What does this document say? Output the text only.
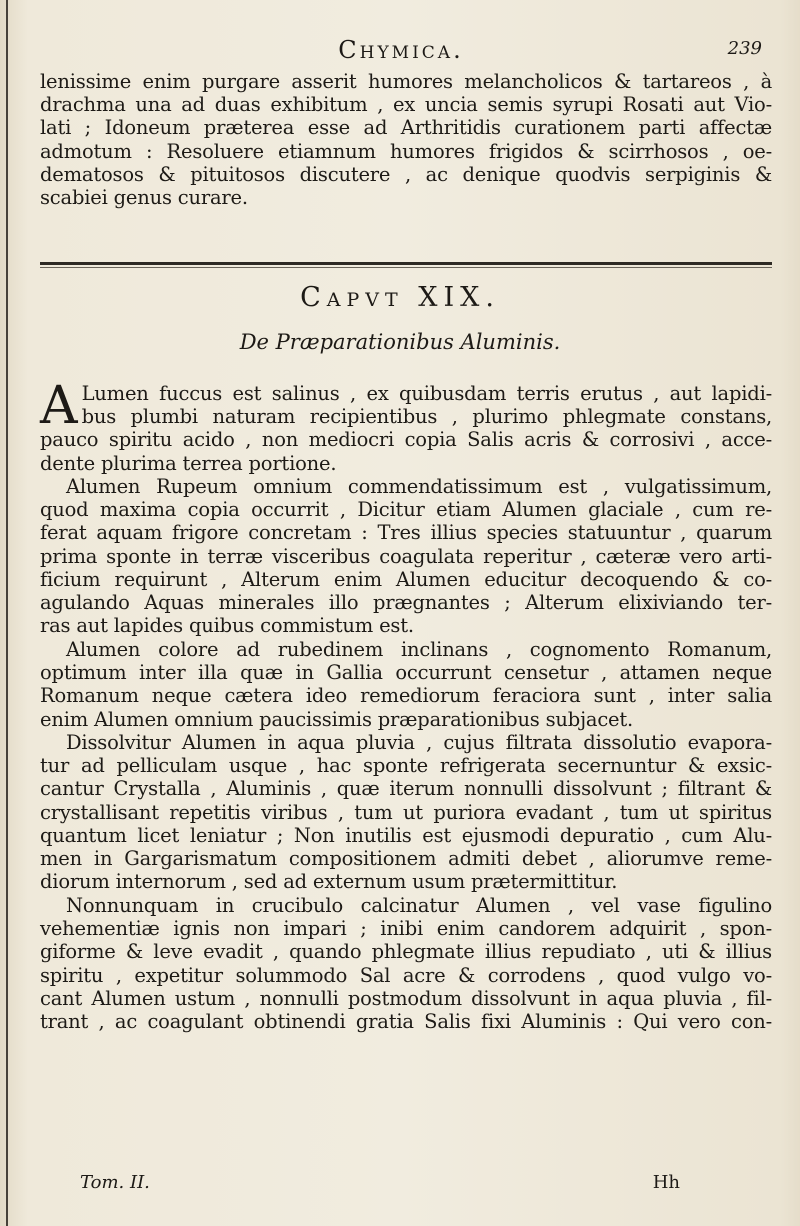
Chymica.	239
lenissime enim purgare asserit humores melancholicos & tartareos , à
drachma una ad duas exhibitum , ex uncia semis syrupi Rosati aut Vio-
lati ; Idoneum præterea esse ad Arthritidis curationem parti affectæ
admotum : Resoluere etiamnum humores frigidos & scirrhosos , oe-
dematosos & pituitosos discutere , ac denique quodvis serpiginis &
scabiei genus curare.
Capvt XIX.
De Præparationibus Aluminis.
A Lumen fuccus est salinus , ex quibusdam terris erutus , aut lapidi-
bus plumbi naturam recipientibus , plurimo phlegmate constans,
pauco spiritu acido , non mediocri copia Salis acris & corrosivi , acce-
dente plurima terrea portione.
Alumen Rupeum omnium commendatissimum est , vulgatissimum,
quod maxima copia occurrit , Dicitur etiam Alumen glaciale , cum re-
ferat aquam frigore concretam : Tres illius species statuuntur , quarum
prima sponte in terræ visceribus coagulata reperitur , cæteræ vero arti-
ficium requirunt , Alterum enim Alumen educitur decoquendo & co-
agulando Aquas minerales illo prægnantes ; Alterum elixiviando ter-
ras aut lapides quibus commistum est.
Alumen colore ad rubedinem inclinans , cognomento Romanum,
optimum inter illa quæ in Gallia occurrunt censetur , attamen neque
Romanum neque cætera ideo remediorum feraciora sunt , inter salia
enim Alumen omnium paucissimis præparationibus subjacet.
Dissolvitur Alumen in aqua pluvia , cujus filtrata dissolutio evapora-
tur ad pelliculam usque , hac sponte refrigerata secernuntur & exsic-
cantur Crystalla , Aluminis , quæ iterum nonnulli dissolvunt ; filtrant &
crystallisant repetitis viribus , tum ut puriora evadant , tum ut spiritus
quantum licet leniatur ; Non inutilis est ejusmodi depuratio , cum Alu-
men in Gargarismatum compositionem admiti debet , aliorumve reme-
diorum internorum , sed ad externum usum prætermittitur.
Nonnunquam in crucibulo calcinatur Alumen , vel vase figulino
vehementiæ ignis non impari ; inibi enim candorem adquirit , spon-
giforme & leve evadit , quando phlegmate illius repudiato , uti & illius
spiritu , expetitur solummodo Sal acre & corrodens , quod vulgo vo-
cant Alumen ustum , nonnulli postmodum dissolvunt in aqua pluvia , fil-
trant , ac coagulant obtinendi gratia Salis fixi Aluminis : Qui vero con-
Tom. II.	Hh
